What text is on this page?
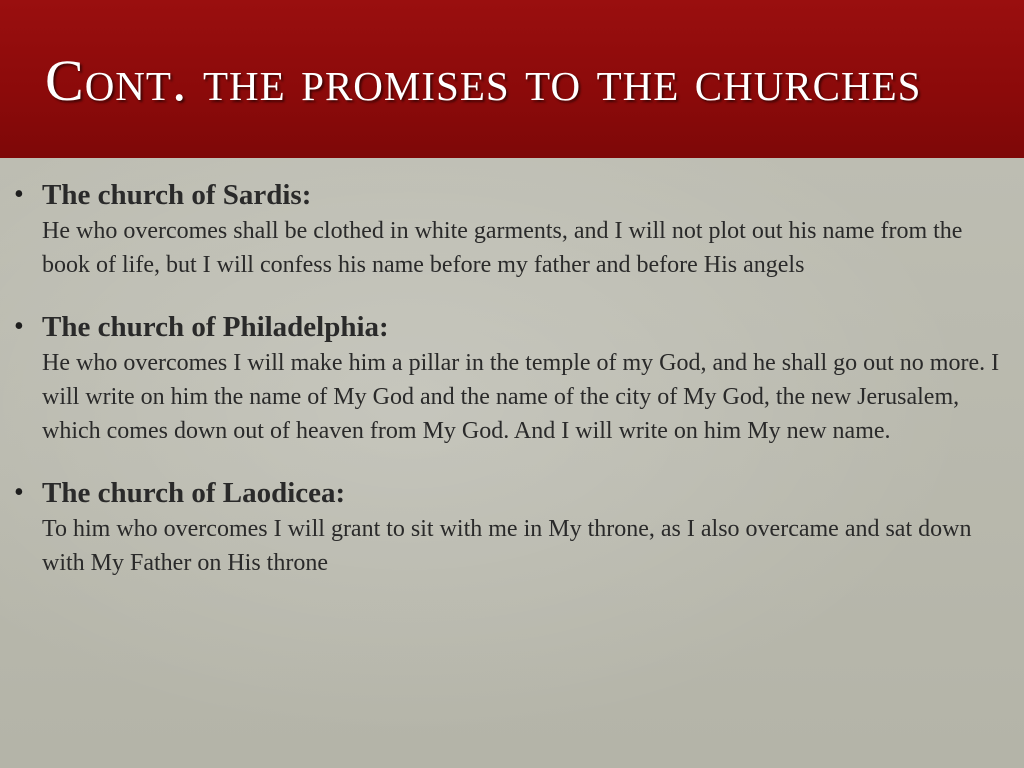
Cont. the promises to the churches
• The church of Sardis:
He who overcomes shall be clothed in white garments, and I will not plot out his name from the book of life, but I will confess his name before my father and before His angels
• The church of Philadelphia:
He who overcomes I will make him a pillar in the temple of my God, and he shall go out no more. I will write on him the name of My God and the name of the city of My God, the new Jerusalem, which comes down out of heaven from My God. And I will write on him My new name.
• The church of Laodicea:
To him who overcomes I will grant to sit with me in My throne, as I also overcame and sat down with My Father on His throne
